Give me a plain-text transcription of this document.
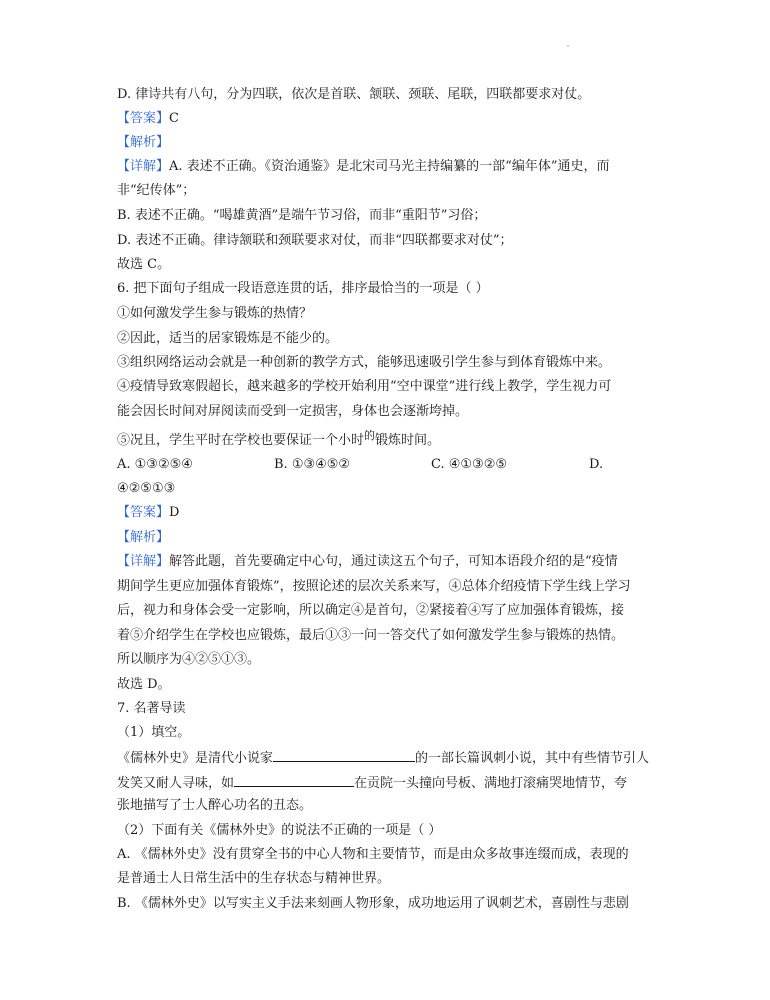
D. 律诗共有八句，分为四联，依次是首联、颔联、颈联、尾联，四联都要求对仗。
【答案】C
【解析】
【详解】A. 表述不正确。《资治通鉴》是北宋司马光主持编纂的一部“编年体”通史，而
非“纪传体”；
B. 表述不正确。“喝雄黄酒”是端午节习俗，而非“重阳节”习俗；
D. 表述不正确。律诗颔联和颈联要求对仗，而非“四联都要求对仗”；
故选 C。
6. 把下面句子组成一段语意连贯的话，排序最恰当的一项是（ ）
①如何激发学生参与锻炼的热情？
②因此，适当的居家锻炼是不能少的。
③组织网络运动会就是一种创新的教学方式，能够迅速吸引学生参与到体育锻炼中来。
④疫情导致寒假超长，越来越多的学校开始利用“空中课堂”进行线上教学，学生视力可
能会因长时间对屏阅读而受到一定损害，身体也会逐渐垮掉。
⑤况且，学生平时在学校也要保证一个小时$^的$锻炼时间。
A. ①③②⑤④	B. ①③④⑤②	C. ④①③②⑤	D.
④②⑤①③
【答案】D
【解析】
【详解】解答此题，首先要确定中心句，通过读这五个句子，可知本语段介绍的是“疫情
期间学生更应加强体育锻炼”，按照论述的层次关系来写，④总体介绍疫情下学生线上学习
后，视力和身体会受一定影响，所以确定④是首句，②紧接着④写了应加强体育锻炼，接
着⑤介绍学生在学校也应锻炼，最后①③一问一答交代了如何激发学生参与锻炼的热情。
所以顺序为④②⑤①③。
故选 D。
7. 名著导读
（1）填空。
《儒林外史》是清代小说家	的一部长篇讽刺小说，其中有些情节引人
发笑又耐人寻味，如	在贡院一头撞向号板、满地打滚痛哭地情节，夸
张地描写了士人醉心功名的丑态。
（2）下面有关《儒林外史》的说法不正确的一项是（ ）
A. 《儒林外史》没有贯穿全书的中心人物和主要情节，而是由众多故事连缀而成，表现的
是普通士人日常生活中的生存状态与精神世界。
B. 《儒林外史》以写实主义手法来刻画人物形象，成功地运用了讽刺艺术，喜剧性与悲剧
